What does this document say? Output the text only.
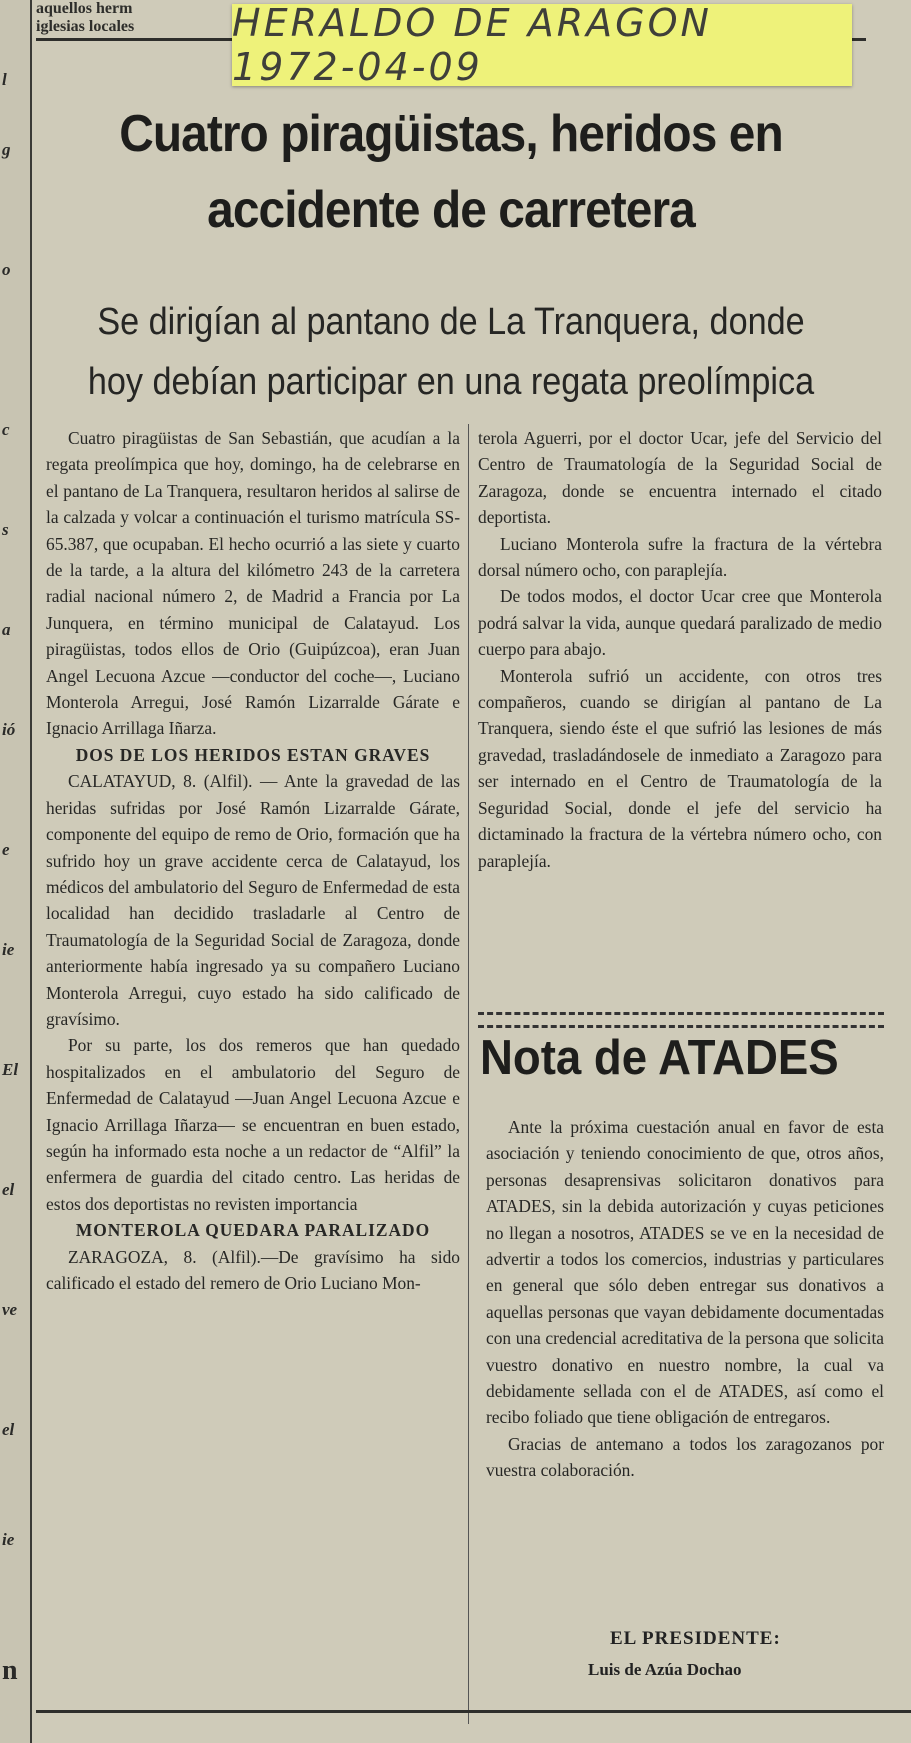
l
g
o
c
s
a
ió
e
ie
El
el
ve
el
ie
n
aquellos herm
iglesias locales	HERALDO DE ARAGON 1972-04-09
Cuatro piragüistas, heridos en accidente de carretera
Se dirigían al pantano de La Tranquera, donde hoy debían participar en una regata preolímpica

Cuatro piragüistas de San Sebastián, que acudían a la regata preolímpica que hoy, domingo, ha de celebrarse en el pantano de La Tranquera, resultaron heridos al salirse de la calzada y volcar a continuación el turismo matrícula SS-65.387, que ocupaban. El hecho ocurrió a las siete y cuarto de la tarde, a la altura del kilómetro 243 de la carretera radial nacional número 2, de Madrid a Francia por La Junquera, en término municipal de Calatayud. Los piragüistas, todos ellos de Orio (Guipúzcoa), eran Juan Angel Lecuona Azcue —conductor del coche—, Luciano Monterola Arregui, José Ramón Lizarralde Gárate e Ignacio Arrillaga Iñarza.

DOS DE LOS HERIDOS ESTAN GRAVES

CALATAYUD, 8. (Alfil). — Ante la gravedad de las heridas sufridas por José Ramón Lizarralde Gárate, componente del equipo de remo de Orio, formación que ha sufrido hoy un grave accidente cerca de Calatayud, los médicos del ambulatorio del Seguro de Enfermedad de esta localidad han decidido trasladarle al Centro de Traumatología de la Seguridad Social de Zaragoza, donde anteriormente había ingresado ya su compañero Luciano Monterola Arregui, cuyo estado ha sido calificado de gravísimo.

Por su parte, los dos remeros que han quedado hospitalizados en el ambulatorio del Seguro de Enfermedad de Calatayud —Juan Angel Lecuona Azcue e Ignacio Arrillaga Iñarza— se encuentran en buen estado, según ha informado esta noche a un redactor de “Alfil” la enfermera de guardia del citado centro. Las heridas de estos dos deportistas no revisten importancia

MONTEROLA QUEDARA PARALIZADO

ZARAGOZA, 8. (Alfil).—De gravísimo ha sido calificado el estado del remero de Orio Luciano Mon-

terola Aguerri, por el doctor Ucar, jefe del Servicio del Centro de Traumatología de la Seguridad Social de Zaragoza, donde se encuentra internado el citado deportista.

Luciano Monterola sufre la fractura de la vértebra dorsal número ocho, con paraplejía.

De todos modos, el doctor Ucar cree que Monterola podrá salvar la vida, aunque quedará paralizado de medio cuerpo para abajo.

Monterola sufrió un accidente, con otros tres compañeros, cuando se dirigían al pantano de La Tranquera, siendo éste el que sufrió las lesiones de más gravedad, trasladándosele de inmediato a Zaragozo para ser internado en el Centro de Traumatología de la Seguridad Social, donde el jefe del servicio ha dictaminado la fractura de la vértebra número ocho, con paraplejía.

Nota de ATADES

Ante la próxima cuestación anual en favor de esta asociación y teniendo conocimiento de que, otros años, personas desaprensivas solicitaron donativos para ATADES, sin la debida autorización y cuyas peticiones no llegan a nosotros, ATADES se ve en la necesidad de advertir a todos los comercios, industrias y particulares en general que sólo deben entregar sus donativos a aquellas personas que vayan debidamente documentadas con una credencial acreditativa de la persona que solicita vuestro donativo en nuestro nombre, la cual va debidamente sellada con el de ATADES, así como el recibo foliado que tiene obligación de entregaros.

Gracias de antemano a todos los zaragozanos por vuestra colaboración.

EL PRESIDENTE:
Luis de Azúa Dochao
